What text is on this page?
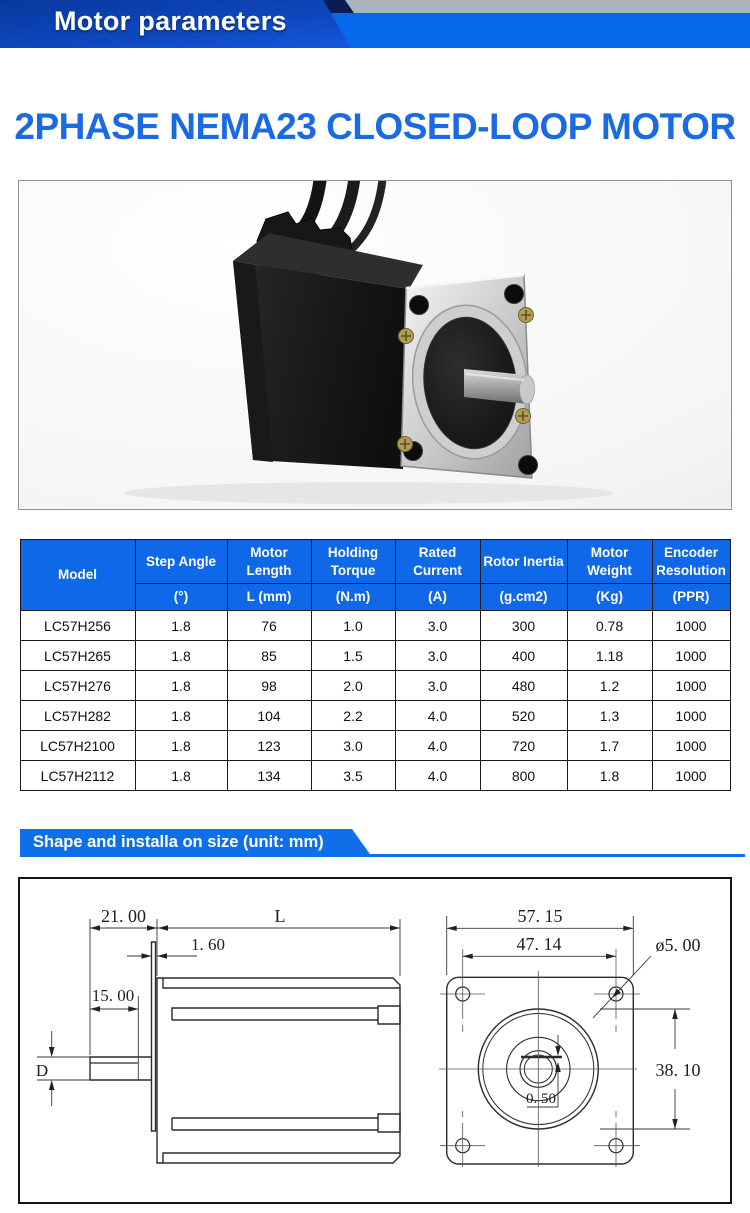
Motor parameters
2PHASE NEMA23 CLOSED-LOOP MOTOR
Model	Step Angle	Motor Length	Holding Torque	Rated Current	Rotor Inertia	Motor Weight	Encoder Resolution
	(°)	L (mm)	(N.m)	(A)	(g.cm2)	(Kg)	(PPR)
LC57H256	1.8	76	1.0	3.0	300	0.78	1000
LC57H265	1.8	85	1.5	3.0	400	1.18	1000
LC57H276	1.8	98	2.0	3.0	480	1.2	1000
LC57H282	1.8	104	2.2	4.0	520	1.3	1000
LC57H2100	1.8	123	3.0	4.0	720	1.7	1000
LC57H2112	1.8	134	3.5	4.0	800	1.8	1000
Shape and installa on size (unit: mm)
21. 00	L
1. 60
15. 00
D
57. 15
47. 14	ø5. 00
38. 10
0. 50
